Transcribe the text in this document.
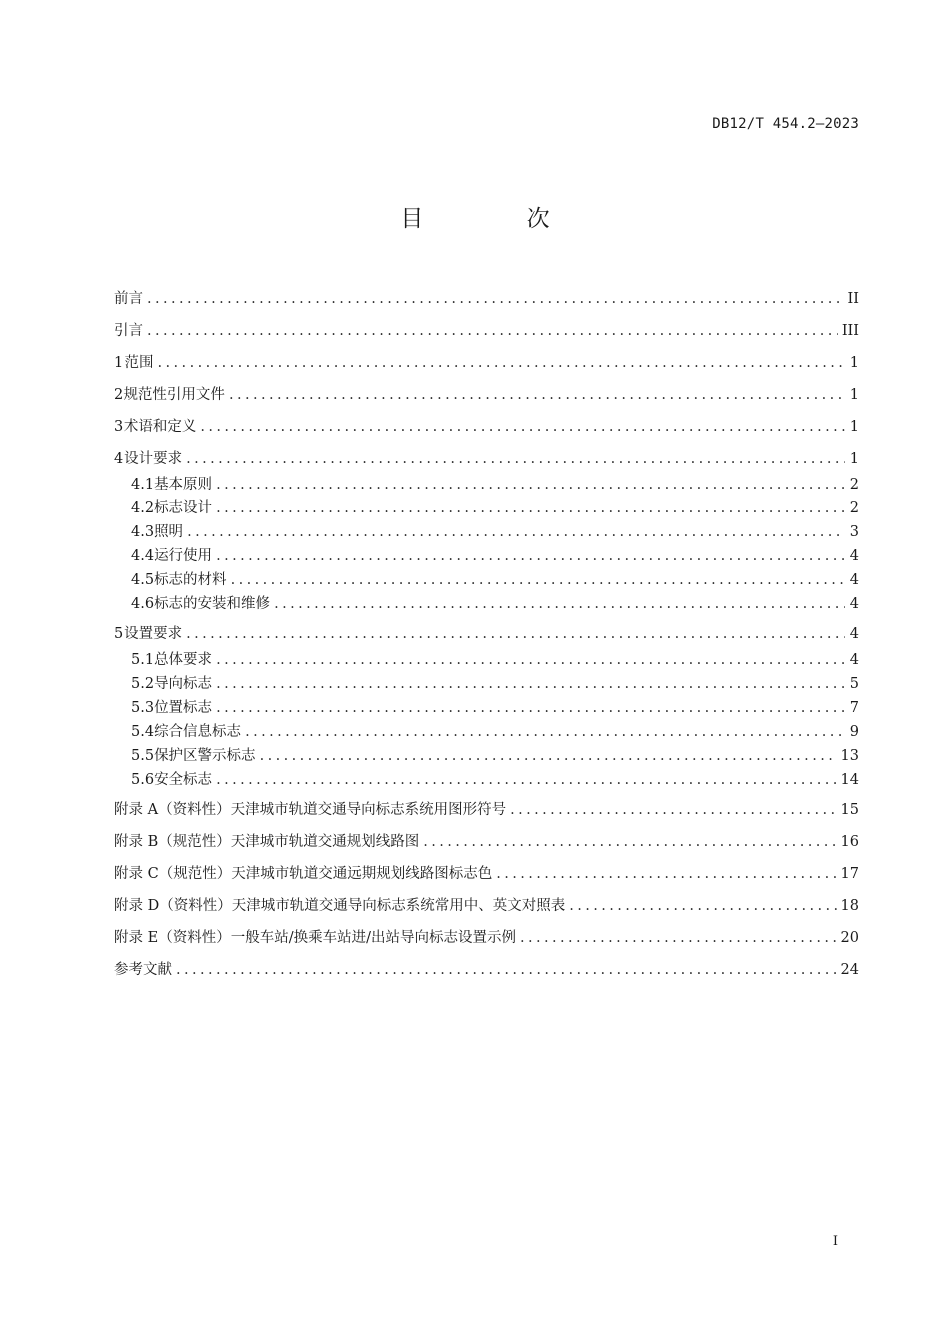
DB12/T 454.2—2023
目 次
前言 .....	II
引言 .....	III
1 范围 .....	1
2 规范性引用文件 .....	1
3 术语和定义 .....	1
4 设计要求 .....	1
4.1 基本原则 .....	2
4.2 标志设计 .....	2
4.3 照明 .....	3
4.4 运行使用 .....	4
4.5 标志的材料 .....	4
4.6 标志的安装和维修 .....	4
5 设置要求 .....	4
5.1 总体要求 .....	4
5.2 导向标志 .....	5
5.3 位置标志 .....	7
5.4 综合信息标志 .....	9
5.5 保护区警示标志 .....	13
5.6 安全标志 .....	14
附录 A（资料性） 天津城市轨道交通导向标志系统用图形符号 .....	15
附录 B（规范性） 天津城市轨道交通规划线路图 .....	16
附录 C（规范性） 天津城市轨道交通远期规划线路图标志色 .....	17
附录 D（资料性） 天津城市轨道交通导向标志系统常用中、英文对照表 .....	18
附录 E（资料性） 一般车站/换乘车站进/出站导向标志设置示例 .....	20
参考文献 .....	24
I
